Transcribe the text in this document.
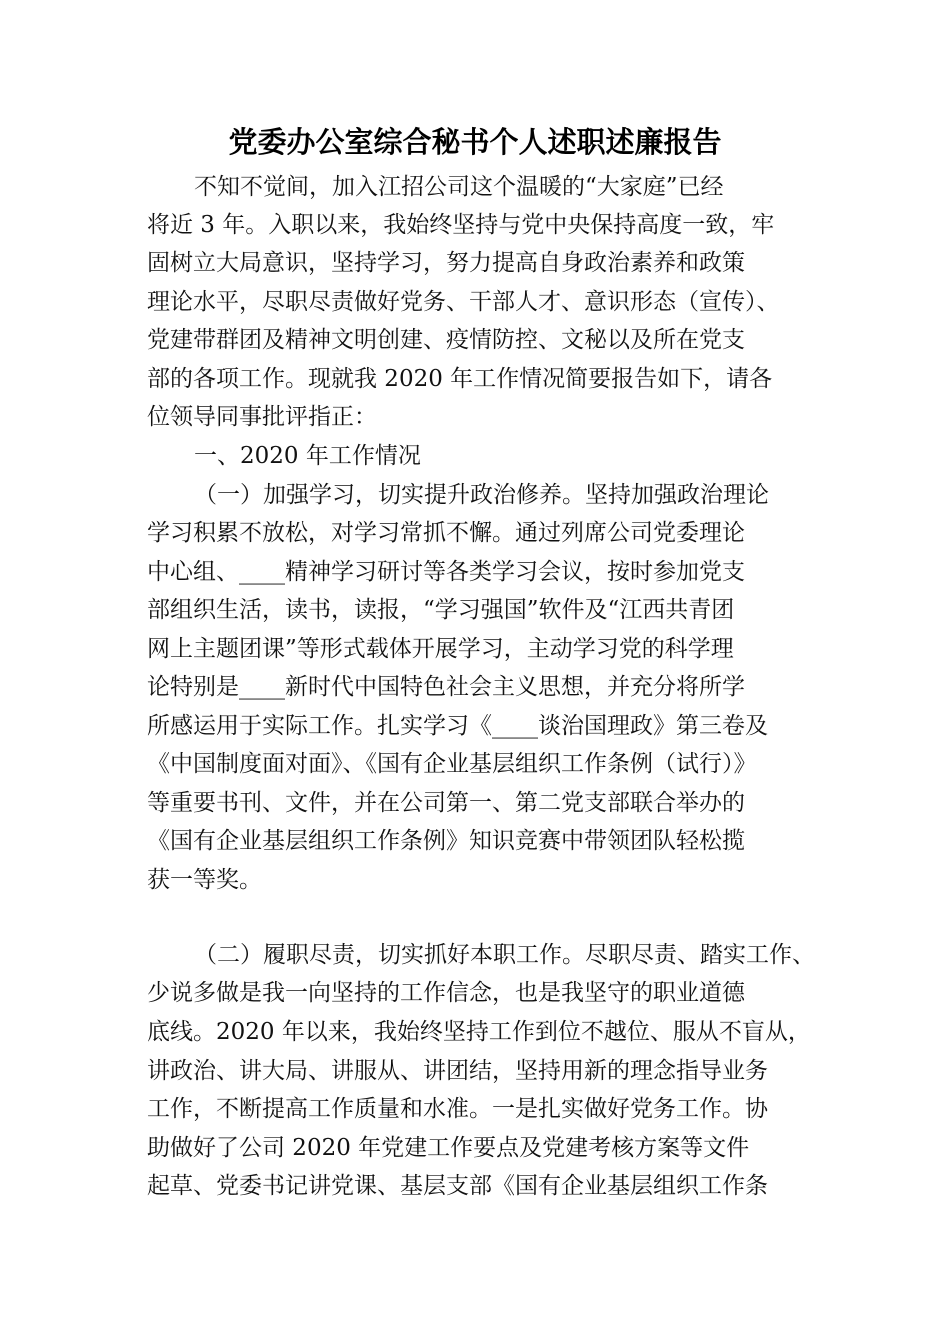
党委办公室综合秘书个人述职述廉报告
不知不觉间，加入江招公司这个温暖的“大家庭”已经
将近 3 年。入职以来，我始终坚持与党中央保持高度一致，牢
固树立大局意识，坚持学习，努力提高自身政治素养和政策
理论水平，尽职尽责做好党务、干部人才、意识形态（宣传）、
党建带群团及精神文明创建、疫情防控、文秘以及所在党支
部的各项工作。现就我 2020 年工作情况简要报告如下，请各
位领导同事批评指正：
一、2020 年工作情况
（一）加强学习，切实提升政治修养。坚持加强政治理论
学习积累不放松，对学习常抓不懈。通过列席公司党委理论
中心组、____精神学习研讨等各类学习会议，按时参加党支
部组织生活，读书，读报，“学习强国”软件及“江西共青团
网上主题团课”等形式载体开展学习，主动学习党的科学理
论特别是____新时代中国特色社会主义思想，并充分将所学
所感运用于实际工作。扎实学习《____谈治国理政》第三卷及
《中国制度面对面》、《国有企业基层组织工作条例（试行）》
等重要书刊、文件，并在公司第一、第二党支部联合举办的
《国有企业基层组织工作条例》知识竞赛中带领团队轻松揽
获一等奖。
（二）履职尽责，切实抓好本职工作。尽职尽责、踏实工作、
少说多做是我一向坚持的工作信念，也是我坚守的职业道德
底线。2020 年以来，我始终坚持工作到位不越位、服从不盲从，
讲政治、讲大局、讲服从、讲团结，坚持用新的理念指导业务
工作，不断提高工作质量和水准。一是扎实做好党务工作。协
助做好了公司 2020 年党建工作要点及党建考核方案等文件
起草、党委书记讲党课、基层支部《国有企业基层组织工作条
